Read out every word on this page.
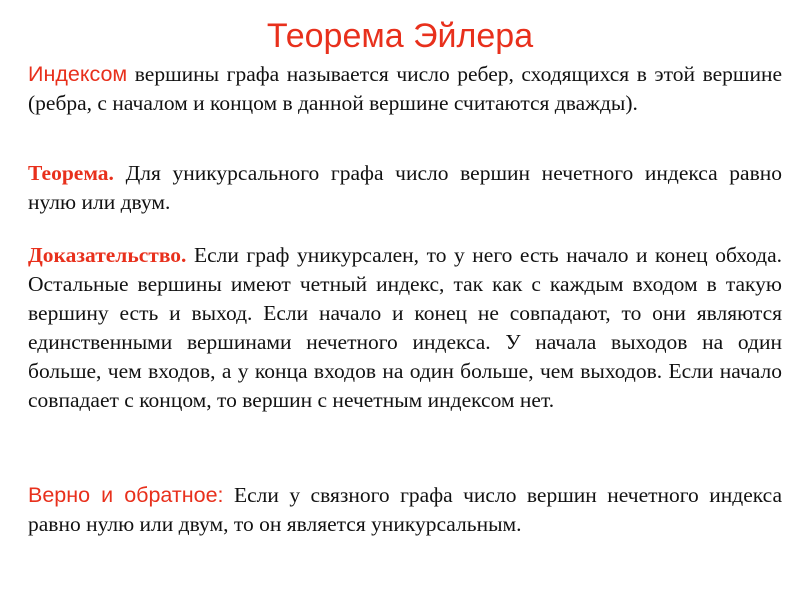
Теорема Эйлера

Индексом вершины графа называется число ребер, сходящихся в этой вершине (ребра, с началом и концом в данной вершине считаются дважды).

Теорема. Для уникурсального графа число вершин нечетного индекса равно нулю или двум.

Доказательство. Если граф уникурсален, то у него есть начало и конец обхода. Остальные вершины имеют четный индекс, так как с каждым входом в такую вершину есть и выход. Если начало и конец не совпадают, то они являются единственными вершинами нечетного индекса. У начала выходов на один больше, чем входов, а у конца входов на один больше, чем выходов. Если начало совпадает с концом, то вершин с нечетным индексом нет.

Верно и обратное: Если у связного графа число вершин нечетного индекса равно нулю или двум, то он является уникурсальным.
